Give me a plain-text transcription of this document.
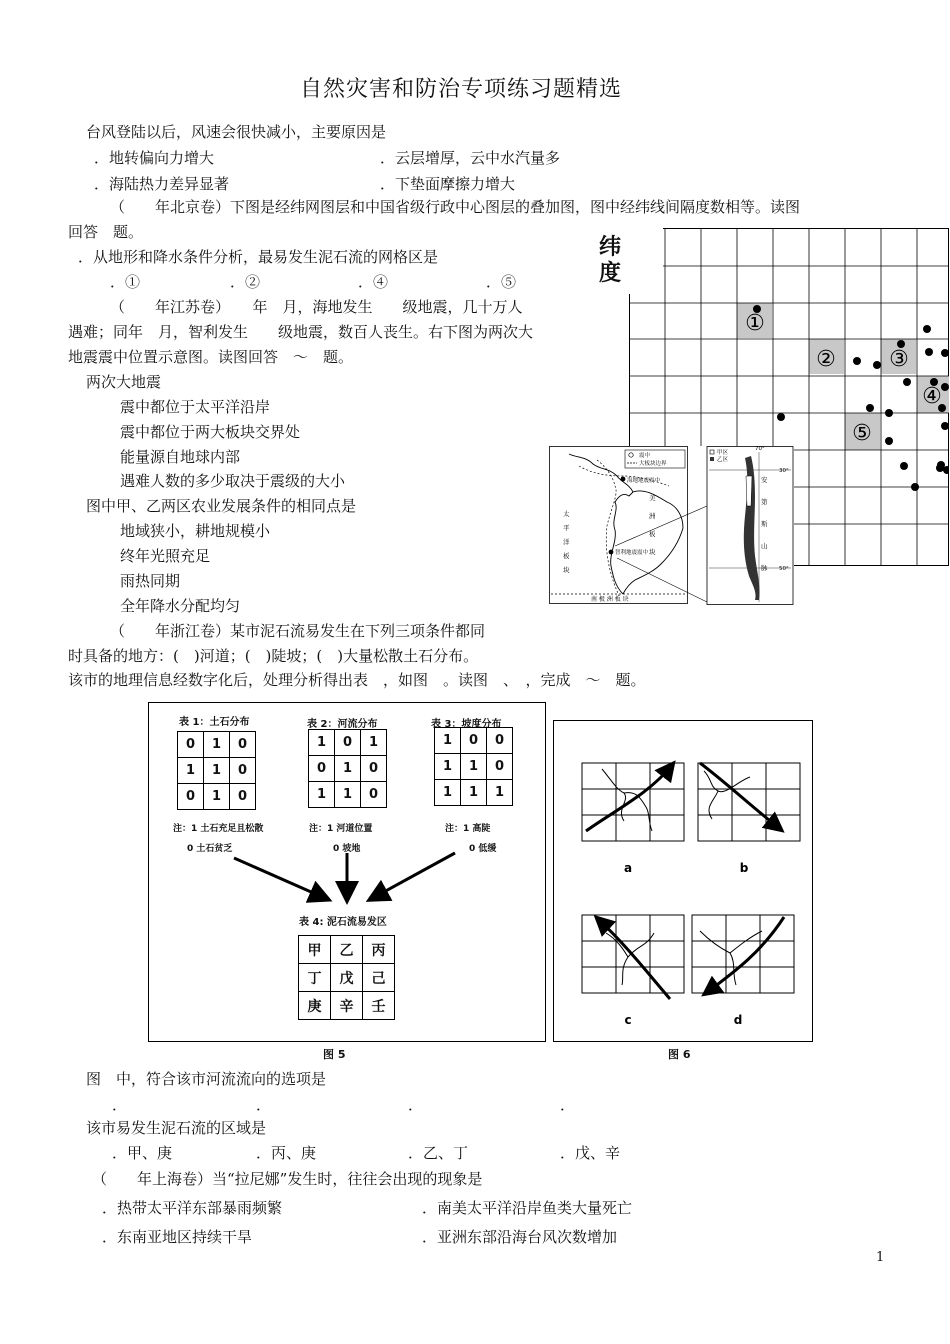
自然灾害和防治专项练习题精选
台风登陆以后，风速会很快减小，主要原因是
．地转偏向力增大	．云层增厚，云中水汽量多
．海陆热力差异显著	．下垫面摩擦力增大
（　　年北京卷）下图是经纬网图层和中国省级行政中心图层的叠加图，图中经纬线间隔度数相等。读图
回答　题。
．从地形和降水条件分析，最易发生泥石流的网格区是
．①	．②	．④	．⑤
①
② ③
④
⑤
纬
度
（　　年江苏卷）　　年　月，海地发生　　级地震，几十万人
遇难；同年　月，智利发生　　级地震，数百人丧生。右下图为两次大
地震震中位置示意图。读图回答　～　题。
两次大地震
震中都位于太平洋沿岸
震中都位于两大板块交界处
能量源自地球内部
遇难人数的多少取决于震级的大小
图中甲、乙两区农业发展条件的相同点是
地域狭小，耕地规模小
终年光照充足
雨热同期
全年降水分配均匀
震中
大板块边界
海地地震震中
智利地震震中
南 极 洲 板 块
太
平
洋
板
块
美
洲
板
块
甲区
乙区
70°
30°
50°
安
第
斯
山
脉
（　　年浙江卷）某市泥石流易发生在下列三项条件都同
时具备的地方：(　)河道；(　)陡坡；(　)大量松散土石分布。
该市的地理信息经数字化后，处理分析得出表　，如图　。读图　、　，完成　～　题。
表 1：土石分布
0	1	0
1	1	0
0	1	0
注：1 土石充足且松散
0 土石贫乏
表 2：河流分布
1	0	1
0	1	0
1	1	0
注：1 河道位置
0 坡地
表 3：坡度分布
1	0	0
1	1	0
1	1	1
注：1 高陡
0 低缓
表 4: 泥石流易发区
甲	乙	丙
丁	戊	己
庚	辛	壬
图 5
a	b
c	d
图 6
图　中，符合该市河流流向的选项是
．	．	．	．
该市易发生泥石流的区域是
．甲、庚	．丙、庚	．乙、丁	．戊、辛
（　　年上海卷）当“拉尼娜”发生时，往往会出现的现象是
．热带太平洋东部暴雨频繁	．南美太平洋沿岸鱼类大量死亡
．东南亚地区持续干旱	．亚洲东部沿海台风次数增加
1
